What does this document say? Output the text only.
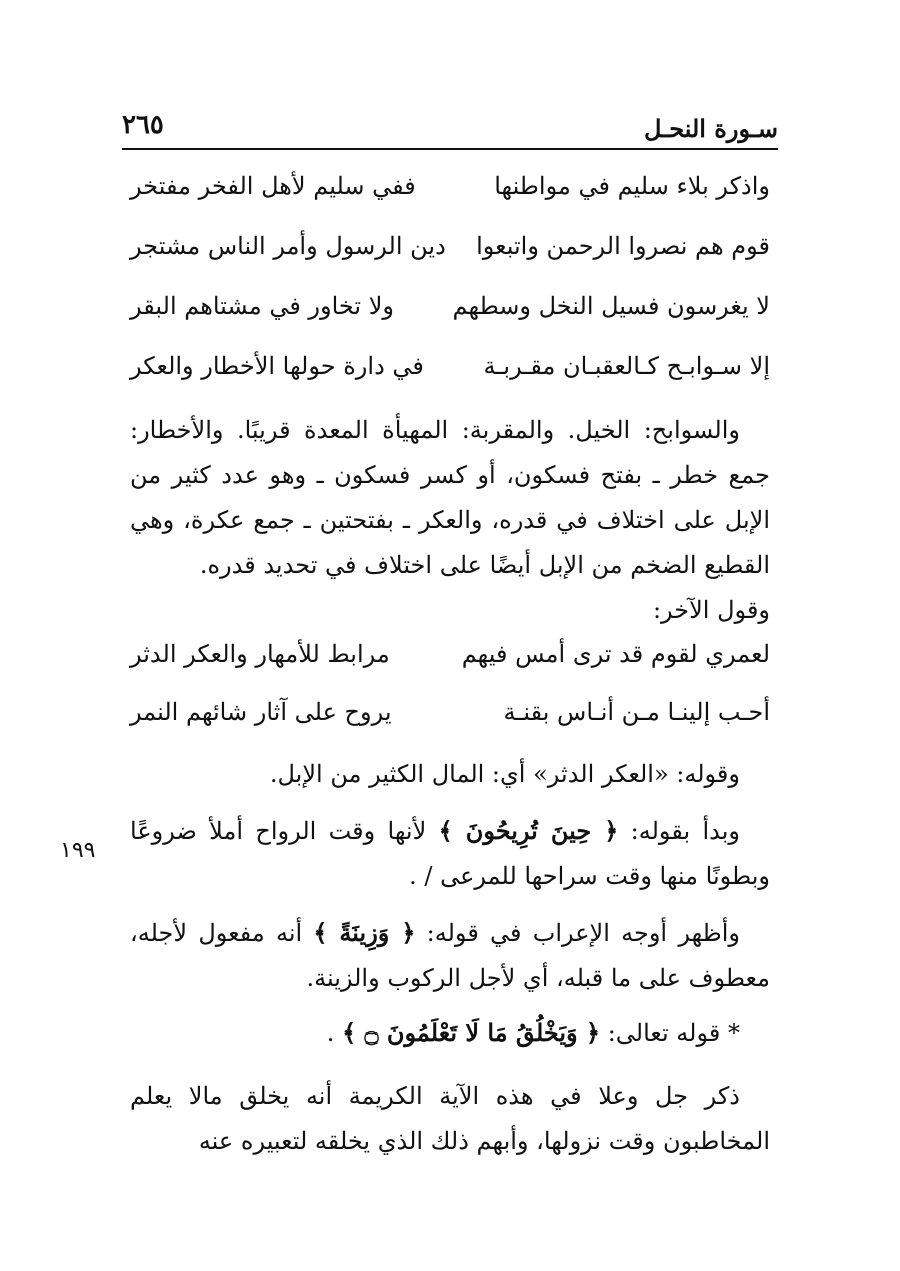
سـورة النحـل
٢٦٥
١٩٩
واذكر بلاء سليم في مواطنها
ففي سليم لأهل الفخر مفتخر
قوم هم نصروا الرحمن واتبعوا
دين الرسول وأمر الناس مشتجر
لا يغرسون فسيل النخل وسطهم
ولا تخاور في مشتاهم البقر
إلا سـوابـح كـالعقبـان مقـربـة
في دارة حولها الأخطار والعكر
والسوابح: الخيل. والمقربة: المهيأة المعدة قريبًا. والأخطار: جمع خطر ـ بفتح فسكون، أو كسر فسكون ـ وهو عدد كثير من الإبل على اختلاف في قدره، والعكر ـ بفتحتين ـ جمع عكرة، وهي القطيع الضخم من الإبل أيضًا على اختلاف في تحديد قدره.
وقول الآخر:
لعمري لقوم قد ترى أمس فيهم
مرابط للأمهار والعكر الدثر
أحـب إلينـا مـن أنـاس بقنـة
يروح على آثار شائهم النمر
وقوله: «العكر الدثر» أي: المال الكثير من الإبل.
وبدأ بقوله: ﴿ حِينَ تُرِيحُونَ ﴾ لأنها وقت الرواح أملأ ضروعًا وبطونًا منها وقت سراحها للمرعى / .
وأظهر أوجه الإعراب في قوله: ﴿ وَزِينَةً ﴾ أنه مفعول لأجله، معطوف على ما قبله، أي لأجل الركوب والزينة.
* قوله تعالى: ﴿ وَيَخْلُقُ مَا لَا تَعْلَمُونَ ۝ ﴾ .
ذكر جل وعلا في هذه الآية الكريمة أنه يخلق مالا يعلم المخاطبون وقت نزولها، وأبهم ذلك الذي يخلقه لتعبيره عنه
